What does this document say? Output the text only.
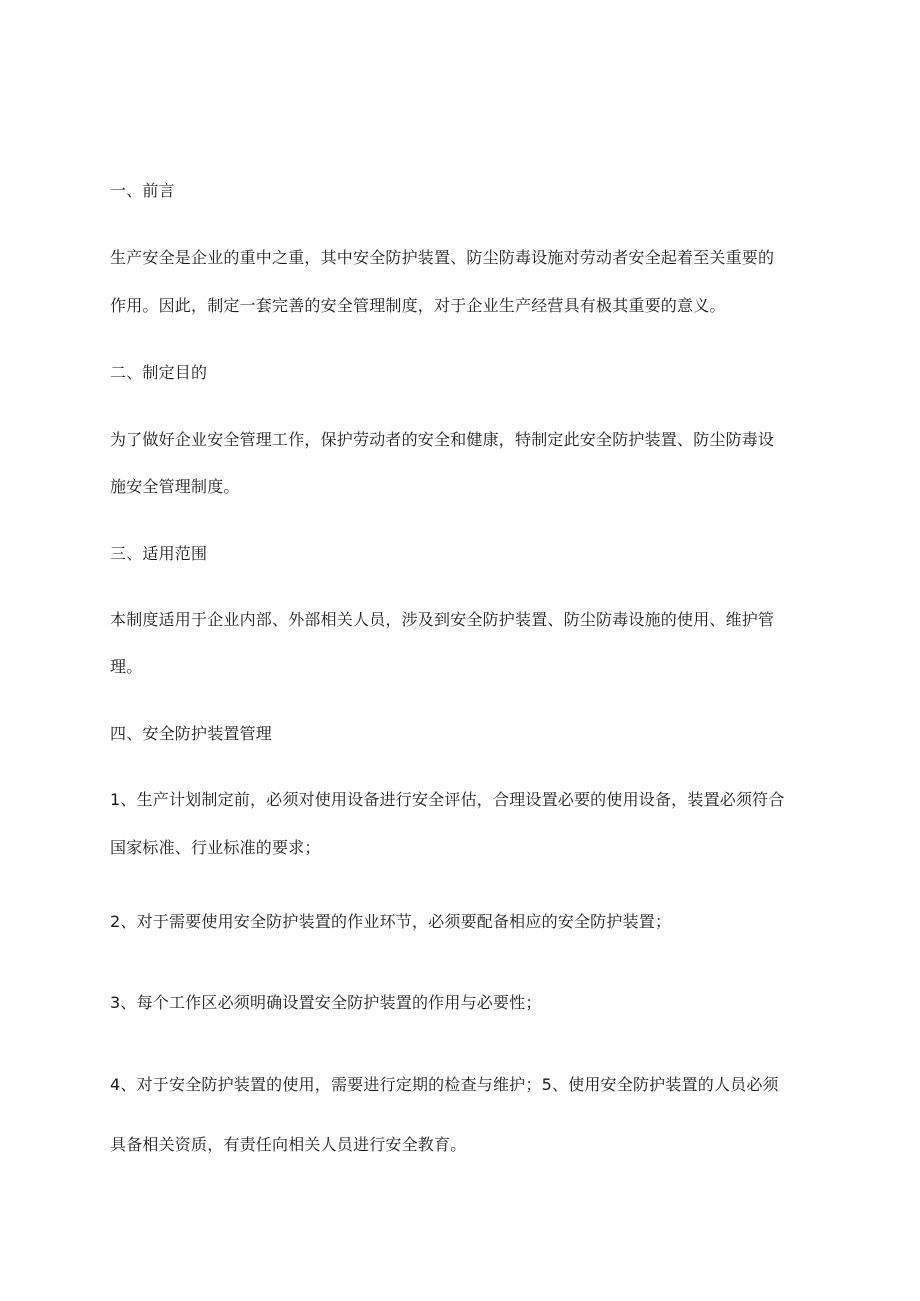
一、前言
生产安全是企业的重中之重，其中安全防护装置、防尘防毒设施对劳动者安全起着至关重要的
作用。因此，制定一套完善的安全管理制度，对于企业生产经营具有极其重要的意义。
二、制定目的
为了做好企业安全管理工作，保护劳动者的安全和健康，特制定此安全防护装置、防尘防毒设
施安全管理制度。
三、适用范围
本制度适用于企业内部、外部相关人员，涉及到安全防护装置、防尘防毒设施的使用、维护管
理。
四、安全防护装置管理
1、生产计划制定前，必须对使用设备进行安全评估，合理设置必要的使用设备，装置必须符合
国家标准、行业标准的要求；
2、对于需要使用安全防护装置的作业环节，必须要配备相应的安全防护装置；
3、每个工作区必须明确设置安全防护装置的作用与必要性；
4、对于安全防护装置的使用，需要进行定期的检查与维护；5、使用安全防护装置的人员必须
具备相关资质，有责任向相关人员进行安全教育。
